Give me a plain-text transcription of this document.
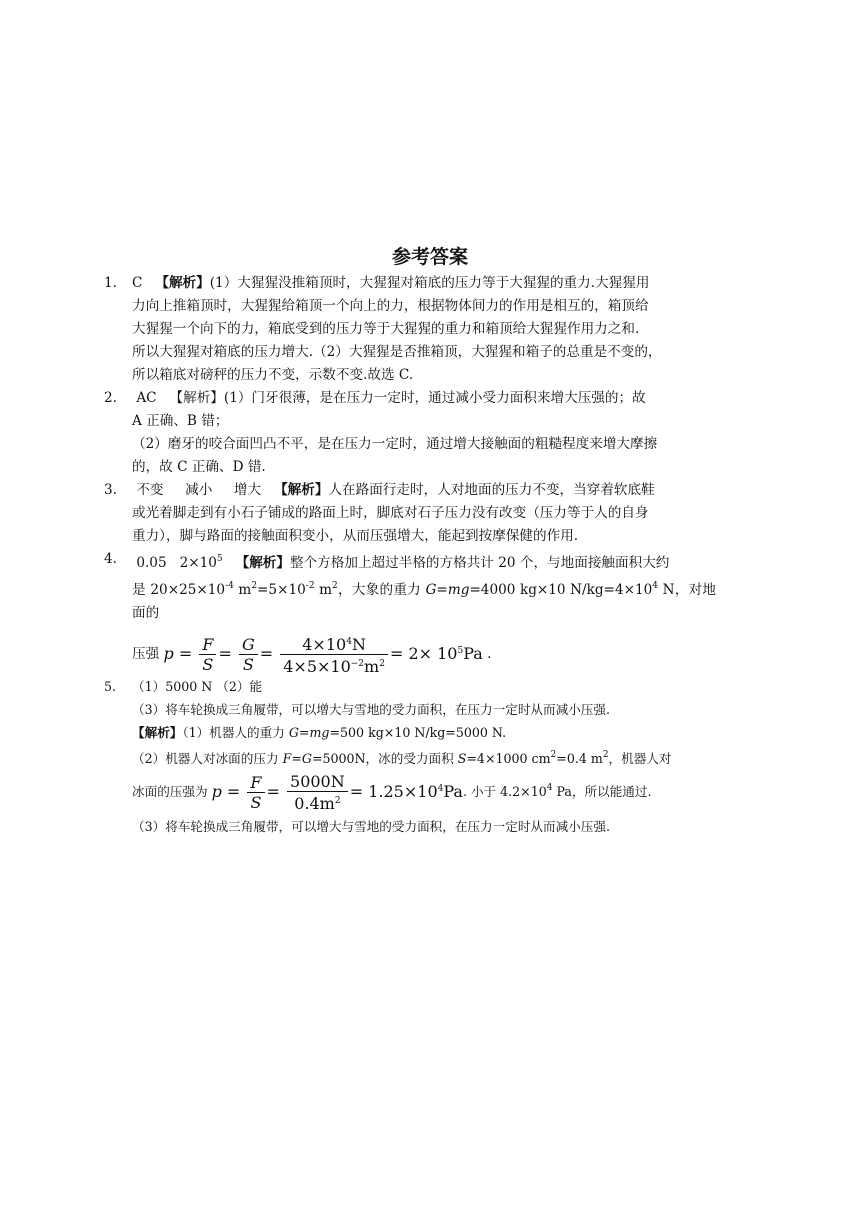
参考答案
1. C 【解析】(1）大猩猩没推箱顶时，大猩猩对箱底的压力等于大猩猩的重力.大猩猩用
力向上推箱顶时，大猩猩给箱顶一个向上的力，根据物体间力的作用是相互的，箱顶给
大猩猩一个向下的力，箱底受到的压力等于大猩猩的重力和箱顶给大猩猩作用力之和.
所以大猩猩对箱底的压力增大.（2）大猩猩是否推箱顶，大猩猩和箱子的总重是不变的，
所以箱底对磅秤的压力不变，示数不变.故选 C.

2.	AC 【解析】(1）门牙很薄，是在压力一定时，通过减小受力面积来增大压强的；故
A 正确、B 错；
（2）磨牙的咬合面凹凸不平，是在压力一定时，通过增大接触面的粗糙程度来增大摩擦
的，故 C 正确、D 错.

3.	不变 减小 增大 【解析】人在路面行走时，人对地面的压力不变，当穿着软底鞋
或光着脚走到有小石子铺成的路面上时，脚底对石子压力没有改变（压力等于人的自身
重力），脚与路面的接触面积变小，从而压强增大，能起到按摩保健的作用.

4.	0.05 $2\times 10^5$ 【解析】整个方格加上超过半格的方格共计 20 个，与地面接触面积大约
是 $20\times 25\times 10^{-4}$ $m^2=5\times 10^{-2}$ $m^2$，大象的重力 G=mg=4000 kg×10 $N/kg=4\times 10^4$ N，对地面的

压强 $p = \frac{F}{S} = \frac{G}{S} = \frac{4\times 10^4N}{4\times 5\times 10^{-2}m^2} = 2\times 10^5Pa$ .
5. （1）5000 N （2）能
（3）将车轮换成三角履带，可以增大与雪地的受力面积，在压力一定时从而减小压强.
【解析】（1）机器人的重力 G=mg=500 kg×10 N/kg=5000 N.
（2）机器人对冰面的压力 F=G=5000N，冰的受力面积 S=4×1000 $cm^2=0.4$ $m^2$，机器人对

冰面的压强为 $p = \frac{F}{S} = \frac{5000N}{0.4m^2} = 1.25\times 10^4Pa$. 小于 $4.2\times 10^4$ Pa，所以能通过.

（3）将车轮换成三角履带，可以增大与雪地的受力面积，在压力一定时从而减小压强.
